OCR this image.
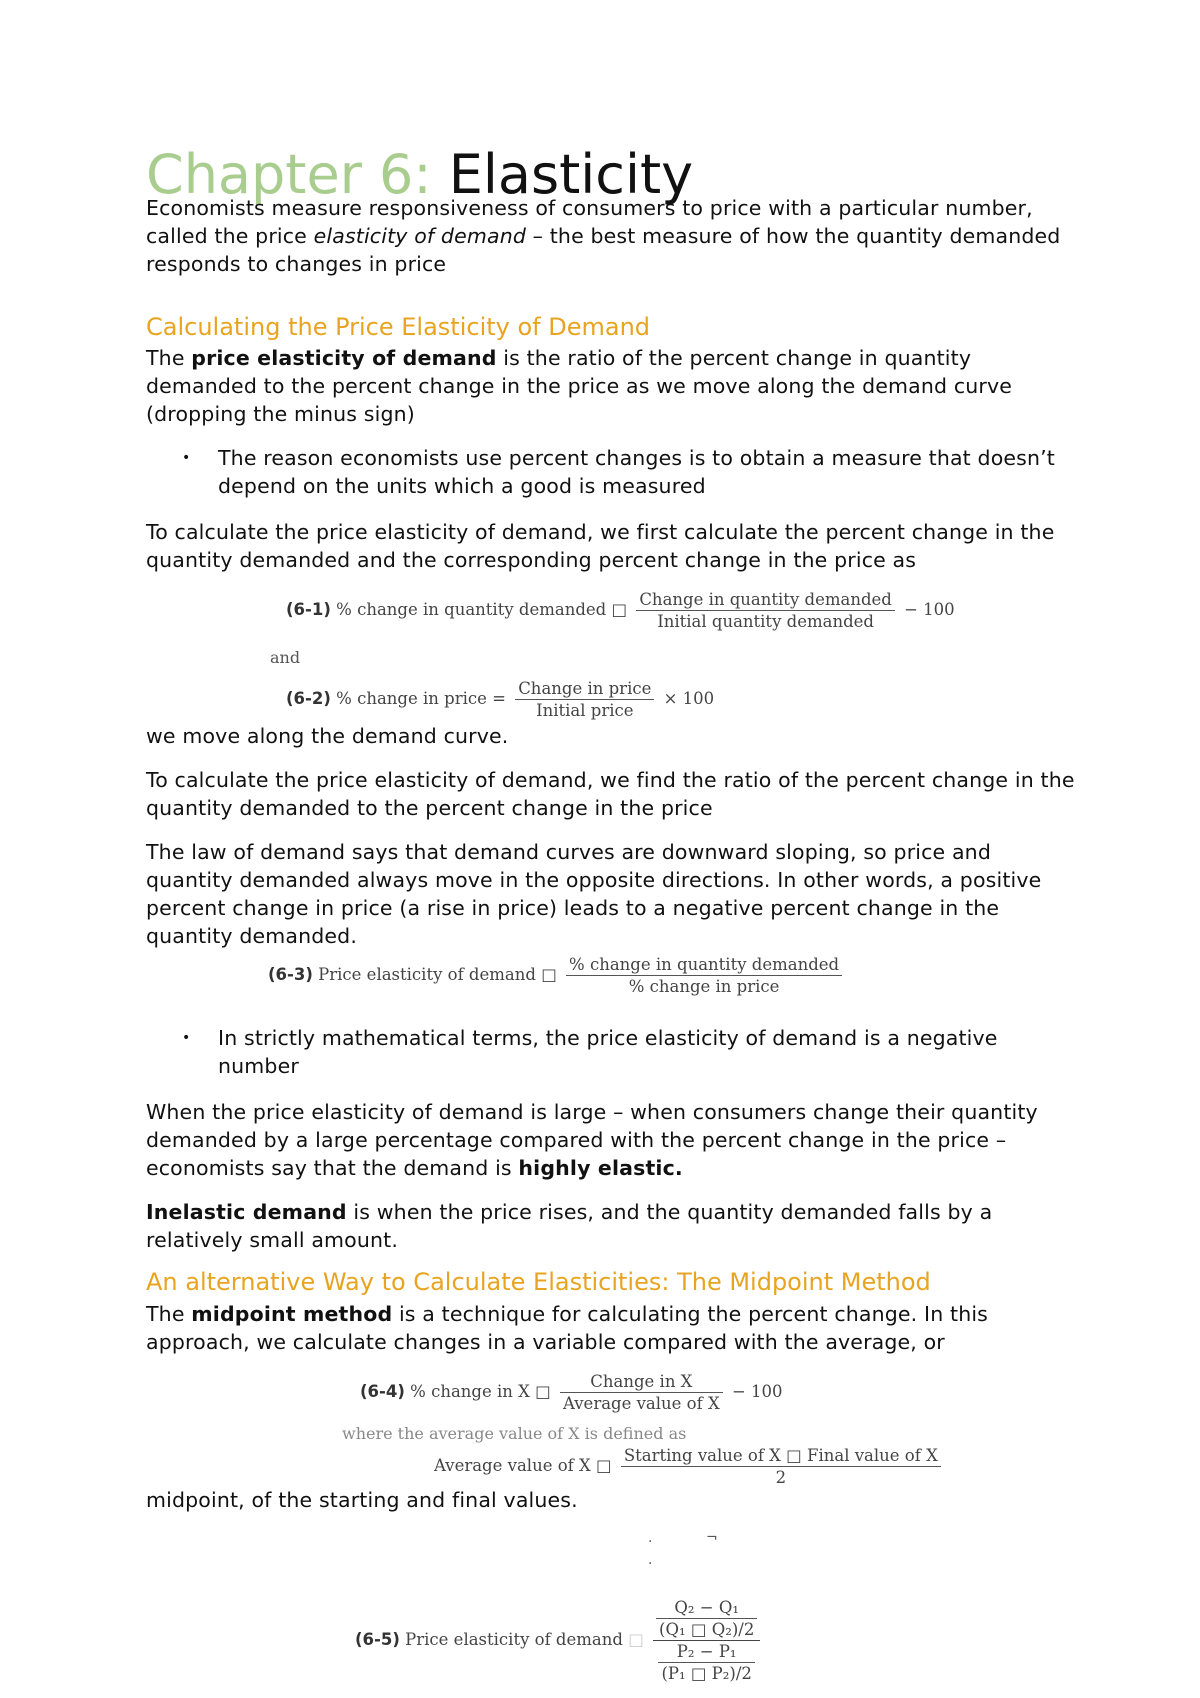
Chapter 6: Elasticity

Economists measure responsiveness of consumers to price with a particular number, called the price elasticity of demand – the best measure of how the quantity demanded responds to changes in price

Calculating the Price Elasticity of Demand

The price elasticity of demand is the ratio of the percent change in quantity demanded to the percent change in the price as we move along the demand curve (dropping the minus sign)

• The reason economists use percent changes is to obtain a measure that doesn’t depend on the units which a good is measured

To calculate the price elasticity of demand, we first calculate the percent change in the quantity demanded and the corresponding percent change in the price as

(6-1) % change in quantity demanded □ $\frac{\text{Change in quantity demanded}}{\text{Initial quantity demanded}} - 100$
and
(6-2) % change in price = $\frac{\text{Change in price}}{\text{Initial price}} \times 100$

we move along the demand curve.

To calculate the price elasticity of demand, we find the ratio of the percent change in the quantity demanded to the percent change in the price

The law of demand says that demand curves are downward sloping, so price and quantity demanded always move in the opposite directions. In other words, a positive percent change in price (a rise in price) leads to a negative percent change in the quantity demanded.

(6-3) Price elasticity of demand □ $\frac{\text{\% change in quantity demanded}}{\text{\% change in price}}$
• In strictly mathematical terms, the price elasticity of demand is a negative number

When the price elasticity of demand is large – when consumers change their quantity demanded by a large percentage compared with the percent change in the price – economists say that the demand is highly elastic.

Inelastic demand is when the price rises, and the quantity demanded falls by a relatively small amount.

An alternative Way to Calculate Elasticities: The Midpoint Method

The midpoint method is a technique for calculating the percent change. In this approach, we calculate changes in a variable compared with the average, or

(6-4) % change in X □ $\frac{\text{Change in X}}{\text{Average value of X}} - 100$
where the average value of X is defined as
Average value of X □ $\frac{\text{Starting value of X □ Final value of X}}{2}$

midpoint, of the starting and final values.

·	¬
·
(6-5) Price elasticity of demand □ $\frac{\frac{\text{Q₂ − Q₁}}{\text{(Q₁ □ Q₂)/2}}}{\frac{\text{P₂ − P₁}}{\text{(P₁ □ P₂)/2}}}$
